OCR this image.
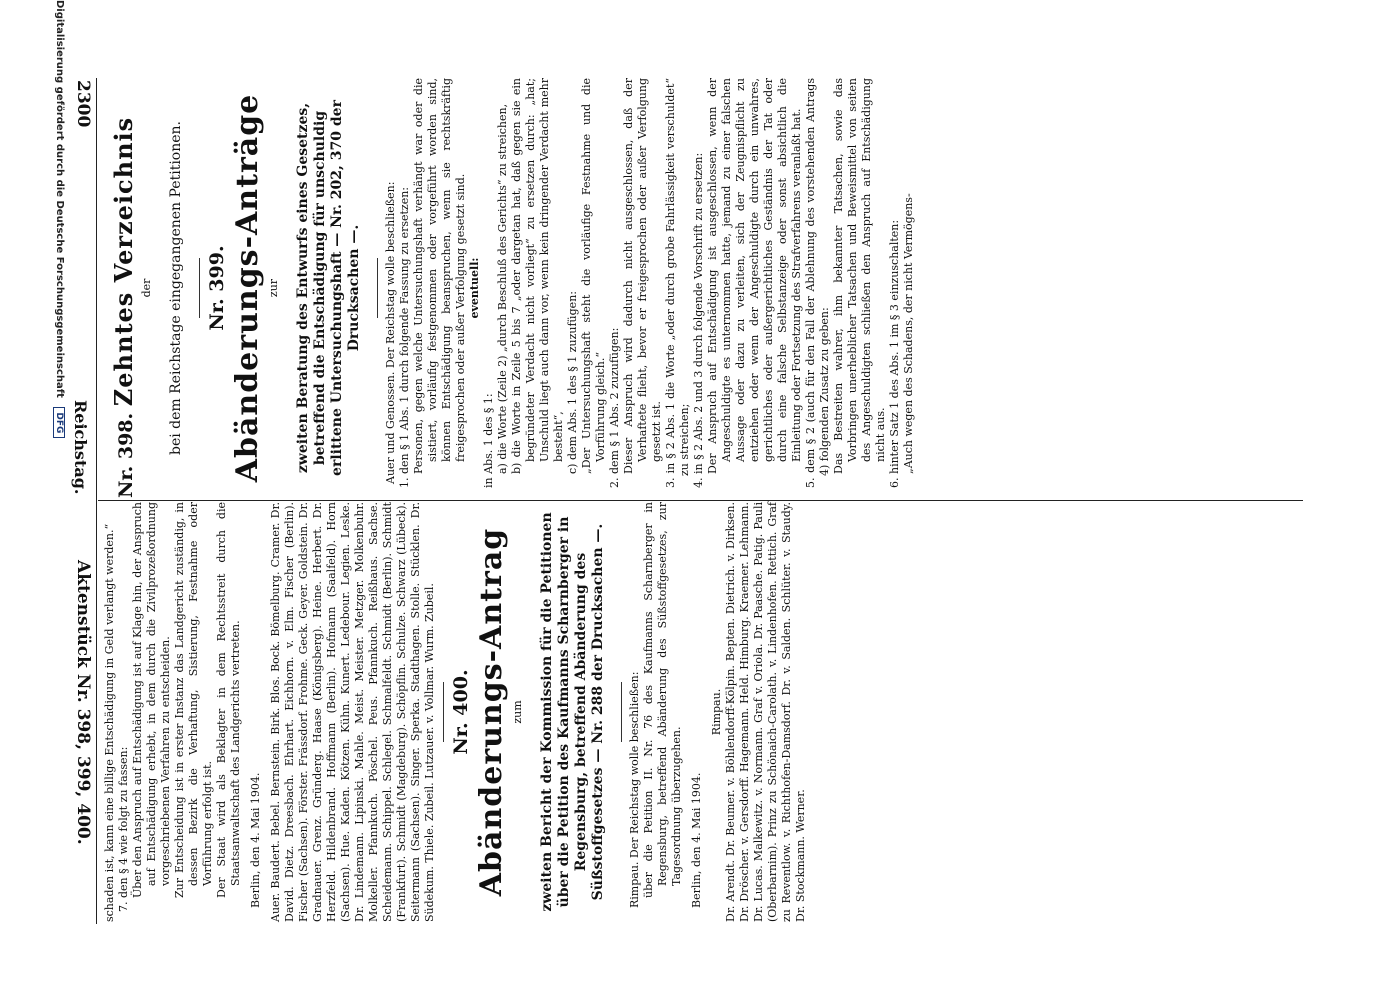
2300
Reichstag.
Aktenstück Nr. 398, 399, 400.
Nr. 398. Zehntes Verzeichnis der bei dem Reichstage eingegangenen Petitionen. Nr. 399. Abänderungs-Anträge zur zweiten Beratung des Entwurfs eines Gesetzes, betreffend die Entschädigung für unschuldig erlittene Untersuchungshaft — Nr. 202, 370 der Drucksachen —. Auer und Genossen. Der Reichstag wolle beschließen: 1. den § 1 Abs. 1 durch folgende Fassung zu ersetzen: Personen, gegen welche Untersuchungshaft verhängt war oder die sistiert, vorläufig festgenommen oder vorgeführt worden sind, können Entschädigung beanspruchen, wenn sie rechtskräftig freigesprochen oder außer Verfolgung gesetzt sind. eventuell:

in Abs. 1 des § 1: a) die Worte (Zeile 2) „durch Beschluß des Gerichts“ zu streichen, b) die Worte in Zeile 5 bis 7 „oder dargetan hat, daß gegen sie ein begründeter Verdacht nicht vorliegt“ zu ersetzen durch: „hat; Unschuld liegt auch dann vor, wenn kein dringender Verdacht mehr besteht“, c) dem Abs. 1 des § 1 zuzufügen: „Der Untersuchungshaft steht die vorläufige Festnahme und die Vorführung gleich.“ 2. dem § 1 Abs. 2 zuzufügen: Dieser Anspruch wird dadurch nicht ausgeschlossen, daß der Verhaftete flieht, bevor er freigesprochen oder außer Verfolgung gesetzt ist. 3. in § 2 Abs. 1 die Worte „oder durch grobe Fahrlässigkeit verschuldet“ zu streichen; 4. in § 2 Abs. 2 und 3 durch folgende Vorschrift zu ersetzen: Der Anspruch auf Entschädigung ist ausgeschlossen, wenn der Angeschuldigte es unternommen hatte, jemand zu einer falschen Aussage oder dazu zu verleiten, sich der Zeugnispflicht zu entziehen oder wenn der Angeschuldigte durch ein unwahres, gerichtliches oder außergerichtliches Geständnis der Tat oder durch eine falsche Selbstanzeige oder sonst absichtlich die Einleitung oder Fortsetzung des Strafverfahrens veranlaßt hat. 5. dem § 2 (auch für den Fall der Ablehnung des vorstehenden Antrags 4) folgenden Zusatz zu geben: Das Bestreiten wahrer, ihm bekannter Tatsachen, sowie das Vorbringen unerheblicher Tatsachen und Beweismittel von seiten des Angeschuldigten schließen den Anspruch auf Entschädigung nicht aus. 6. hinter Satz 1 des Abs. 1 im § 3 einzuschalten: „Auch wegen des Schadens, der nicht Vermögens-

schaden ist, kann eine billige Entschädigung in Geld verlangt werden.“ 7. den § 4 wie folgt zu fassen: Über den Anspruch auf Entschädigung ist auf Klage hin, der Anspruch auf Entschädigung erhebt, in dem durch die Zivilprozeßordnung vorgeschriebenen Verfahren zu entscheiden. Zur Entscheidung ist in erster Instanz das Landgericht zuständig, in dessen Bezirk die Verhaftung, Sistierung, Festnahme oder Vorführung erfolgt ist. Der Staat wird als Beklagter in dem Rechtsstreit durch die Staatsanwaltschaft des Landgerichts vertreten. Berlin, den 4. Mai 1904. Auer. Baudert. Bebel. Bernstein. Birk. Blos. Bock. Bömelburg. Cramer. Dr. David. Dietz. Dreesbach. Ehrhart. Eichhorn. v. Elm. Fischer (Berlin). Fischer (Sachsen). Förster. Frässdorf. Frohme. Geck. Geyer. Goldstein. Dr. Gradnauer. Grenz. Gründerg. Haase (Königsberg). Heine. Herbert. Dr. Herzfeld. Hildenbrand. Hoffmann (Berlin). Hofmann (Saalfeld). Horn (Sachsen). Hue. Kaden. Kötzen. Kühn. Kunert. Ledebour. Legien. Leske. Dr. Lindemann. Lipinski. Mahle. Meist. Meister. Metzger. Molkenbuhr. Molkeller. Pfannkuch. Pöschel. Peus. Pfannkuch. Reißhaus. Sachse. Scheidemann. Schippel. Schlegel. Schmalfeldt. Schmidt (Berlin). Schmidt (Frankfurt). Schmidt (Magdeburg). Schöpflin. Schulze. Schwarz (Lübeck). Seitermann (Sachsen). Singer. Sperka. Stadthagen. Stolle. Stücklen. Dr. Südekum. Thiele. Zubeil. Lutzauer. v. Vollmar. Wurm. Zubeil. Nr. 400. Abänderungs-Antrag zum zweiten Bericht der Kommission für die Petitionen über die Petition des Kaufmanns Scharnberger in Regensburg, betreffend Abänderung des Süßstoffgesetzes — Nr. 288 der Drucksachen —. Rimpau. Der Reichstag wolle beschließen: über die Petition II. Nr. 76 des Kaufmanns Scharnberger in Regensburg, betreffend Abänderung des Süßstoffgesetzes, zur Tagesordnung überzugehen. Berlin, den 4. Mai 1904.

Rimpau. Dr. Arendt. Dr. Beumer. v. Böhlendorff-Kölpin. Bepten. Dietrich. v. Dirksen. Dr. Dröscher. v. Gersdorff. Hagemann. Held. Himburg. Kraemer. Lehmann. Dr. Lucas. Malkewitz. v. Normann. Graf v. Oriola. Dr. Paasche. Patig. Pauli (Oberbarnim). Prinz zu Schönaich-Carolath. v. Lindenhofen. Rettich. Graf zu Reventlow. v. Richthofen-Damsdorf. Dr. v. Salden. Schlüter. v. Staudy. Dr. Stockmann. Werner.

Digitalisierung gefördert durch die Deutsche Forschungsgemeinschaft DFG
